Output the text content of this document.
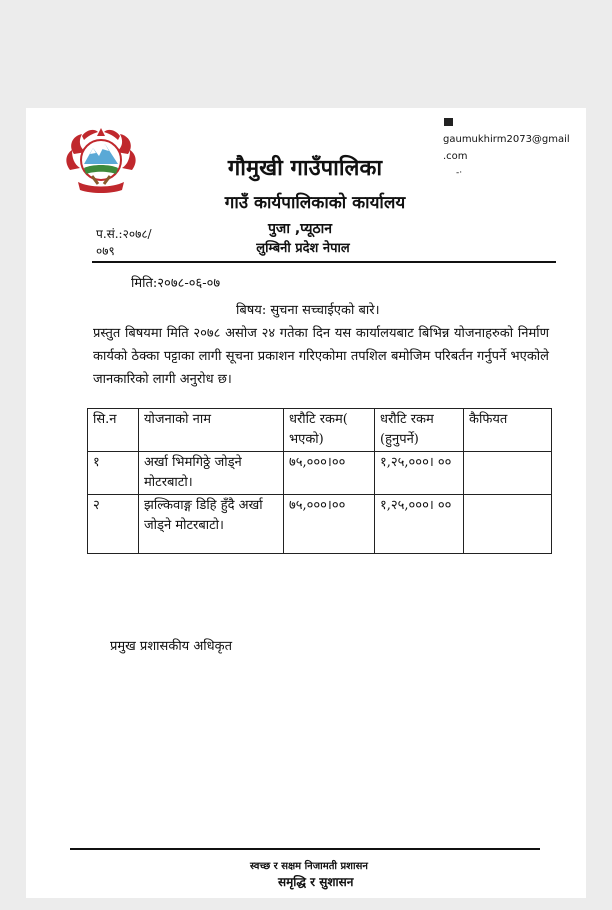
गौमुखी गाउँपालिका
गाउँ कार्यपालिकाको कार्यालय
पुजा ,प्यूठान
लुम्बिनी प्रदेश नेपाल
gaumukhirm2073@gmail
.com
-·
प.सं.:२०७८/
०७९
मिति:२०७८-०६-०७
बिषय: सुचना सच्चाईएको बारे।
प्रस्तुत बिषयमा मिति २०७८ असोज २४ गतेका दिन यस कार्यालयबाट बिभिन्न योजनाहरुको निर्माण कार्यको ठेक्का पट्टाका लागी सूचना प्रकाशन गरिएकोमा तपशिल बमोजिम परिबर्तन गर्नुपर्ने भएकोले जानकारिको लागी अनुरोध छ।
सि.न	योजनाको नाम	धरौटि रकम( भएको)	धरौटि रकम (हुनुपर्ने)	कैफियत
१	अर्खा भिमगिठ्ठे जोड्ने मोटरबाटो।	७५,०००।००	१,२५,०००। ००	
२	झल्किवाङ्ग डिहि हुँदै अर्खा जोड्ने मोटरबाटो।	७५,०००।००	१,२५,०००। ००	
प्रमुख प्रशासकीय अधिकृत
स्वच्छ र सक्षम निजामती प्रशासन
समृद्धि र सुशासन
